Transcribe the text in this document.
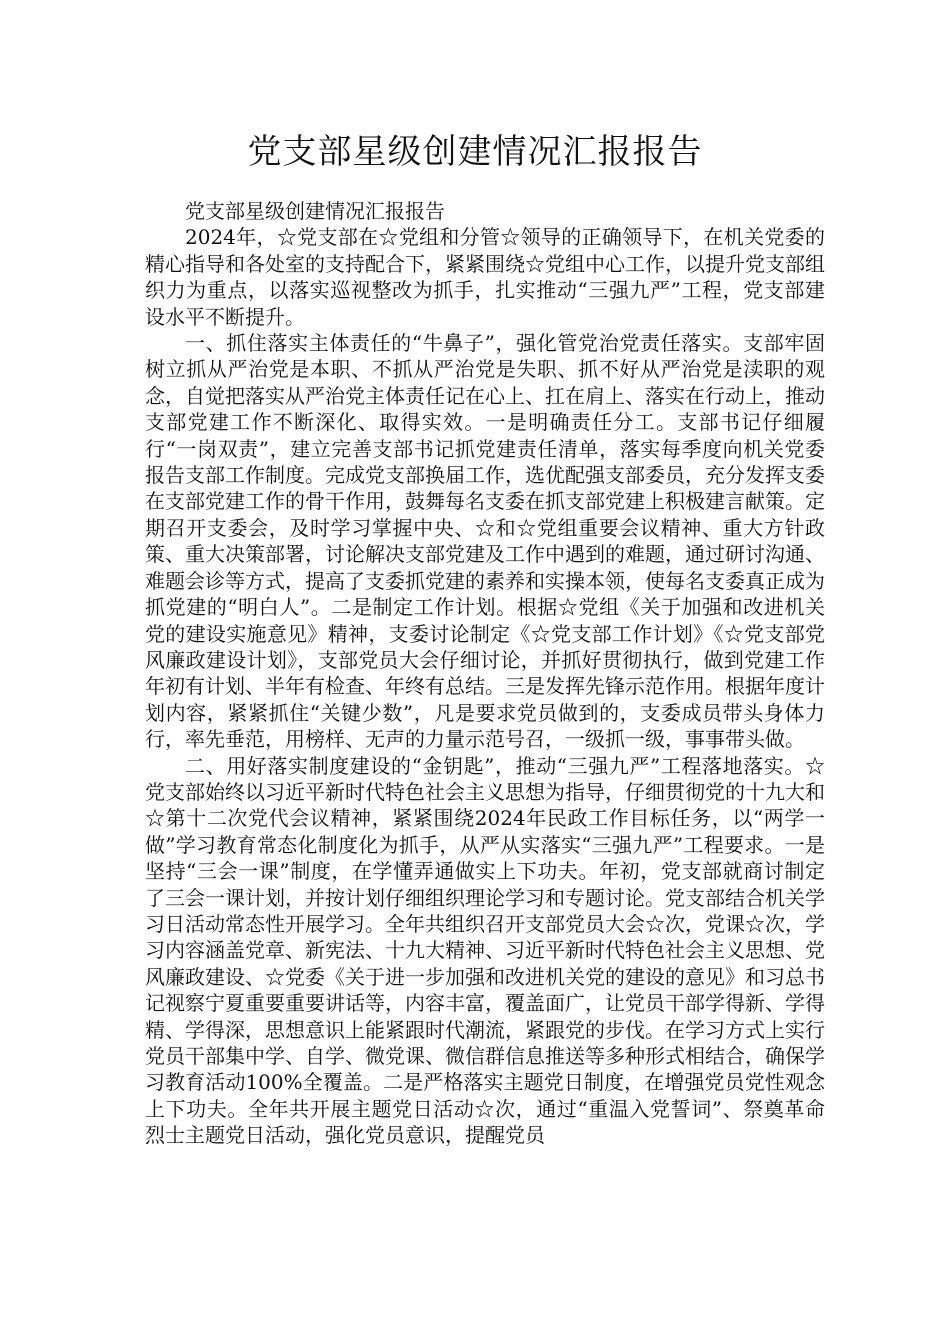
党支部星级创建情况汇报报告

党支部星级创建情况汇报报告

2024年，☆党支部在☆党组和分管☆领导的正确领导下，在机关党委的精心指导和各处室的支持配合下，紧紧围绕☆党组中心工作，以提升党支部组织力为重点，以落实巡视整改为抓手，扎实推动“三强九严”工程，党支部建设水平不断提升。

一、抓住落实主体责任的“牛鼻子”，强化管党治党责任落实。支部牢固树立抓从严治党是本职、不抓从严治党是失职、抓不好从严治党是渎职的观念，自觉把落实从严治党主体责任记在心上、扛在肩上、落实在行动上，推动支部党建工作不断深化、取得实效。一是明确责任分工。支部书记仔细履行“一岗双责”，建立完善支部书记抓党建责任清单，落实每季度向机关党委报告支部工作制度。完成党支部换届工作，选优配强支部委员，充分发挥支委在支部党建工作的骨干作用，鼓舞每名支委在抓支部党建上积极建言献策。定期召开支委会，及时学习掌握中央、☆和☆党组重要会议精神、重大方针政策、重大决策部署，讨论解决支部党建及工作中遇到的难题，通过研讨沟通、难题会诊等方式，提高了支委抓党建的素养和实操本领，使每名支委真正成为抓党建的“明白人”。二是制定工作计划。根据☆党组《关于加强和改进机关党的建设实施意见》精神，支委讨论制定《☆党支部工作计划》《☆党支部党风廉政建设计划》，支部党员大会仔细讨论，并抓好贯彻执行，做到党建工作年初有计划、半年有检查、年终有总结。三是发挥先锋示范作用。根据年度计划内容，紧紧抓住“关键少数”，凡是要求党员做到的，支委成员带头身体力行，率先垂范，用榜样、无声的力量示范号召，一级抓一级，事事带头做。

二、用好落实制度建设的“金钥匙”，推动“三强九严”工程落地落实。☆党支部始终以习近平新时代特色社会主义思想为指导，仔细贯彻党的十九大和☆第十二次党代会议精神，紧紧围绕2024年民政工作目标任务，以“两学一做”学习教育常态化制度化为抓手，从严从实落实“三强九严”工程要求。一是坚持“三会一课”制度，在学懂弄通做实上下功夫。年初，党支部就商讨制定了三会一课计划，并按计划仔细组织理论学习和专题讨论。党支部结合机关学习日活动常态性开展学习。全年共组织召开支部党员大会☆次，党课☆次，学习内容涵盖党章、新宪法、十九大精神、习近平新时代特色社会主义思想、党风廉政建设、☆党委《关于进一步加强和改进机关党的建设的意见》和习总书记视察宁夏重要重要讲话等，内容丰富，覆盖面广，让党员干部学得新、学得精、学得深，思想意识上能紧跟时代潮流，紧跟党的步伐。在学习方式上实行党员干部集中学、自学、微党课、微信群信息推送等多种形式相结合，确保学习教育活动100%全覆盖。二是严格落实主题党日制度，在增强党员党性观念上下功夫。全年共开展主题党日活动☆次，通过“重温入党誓词”、祭奠革命烈士主题党日活动，强化党员意识，提醒党员
